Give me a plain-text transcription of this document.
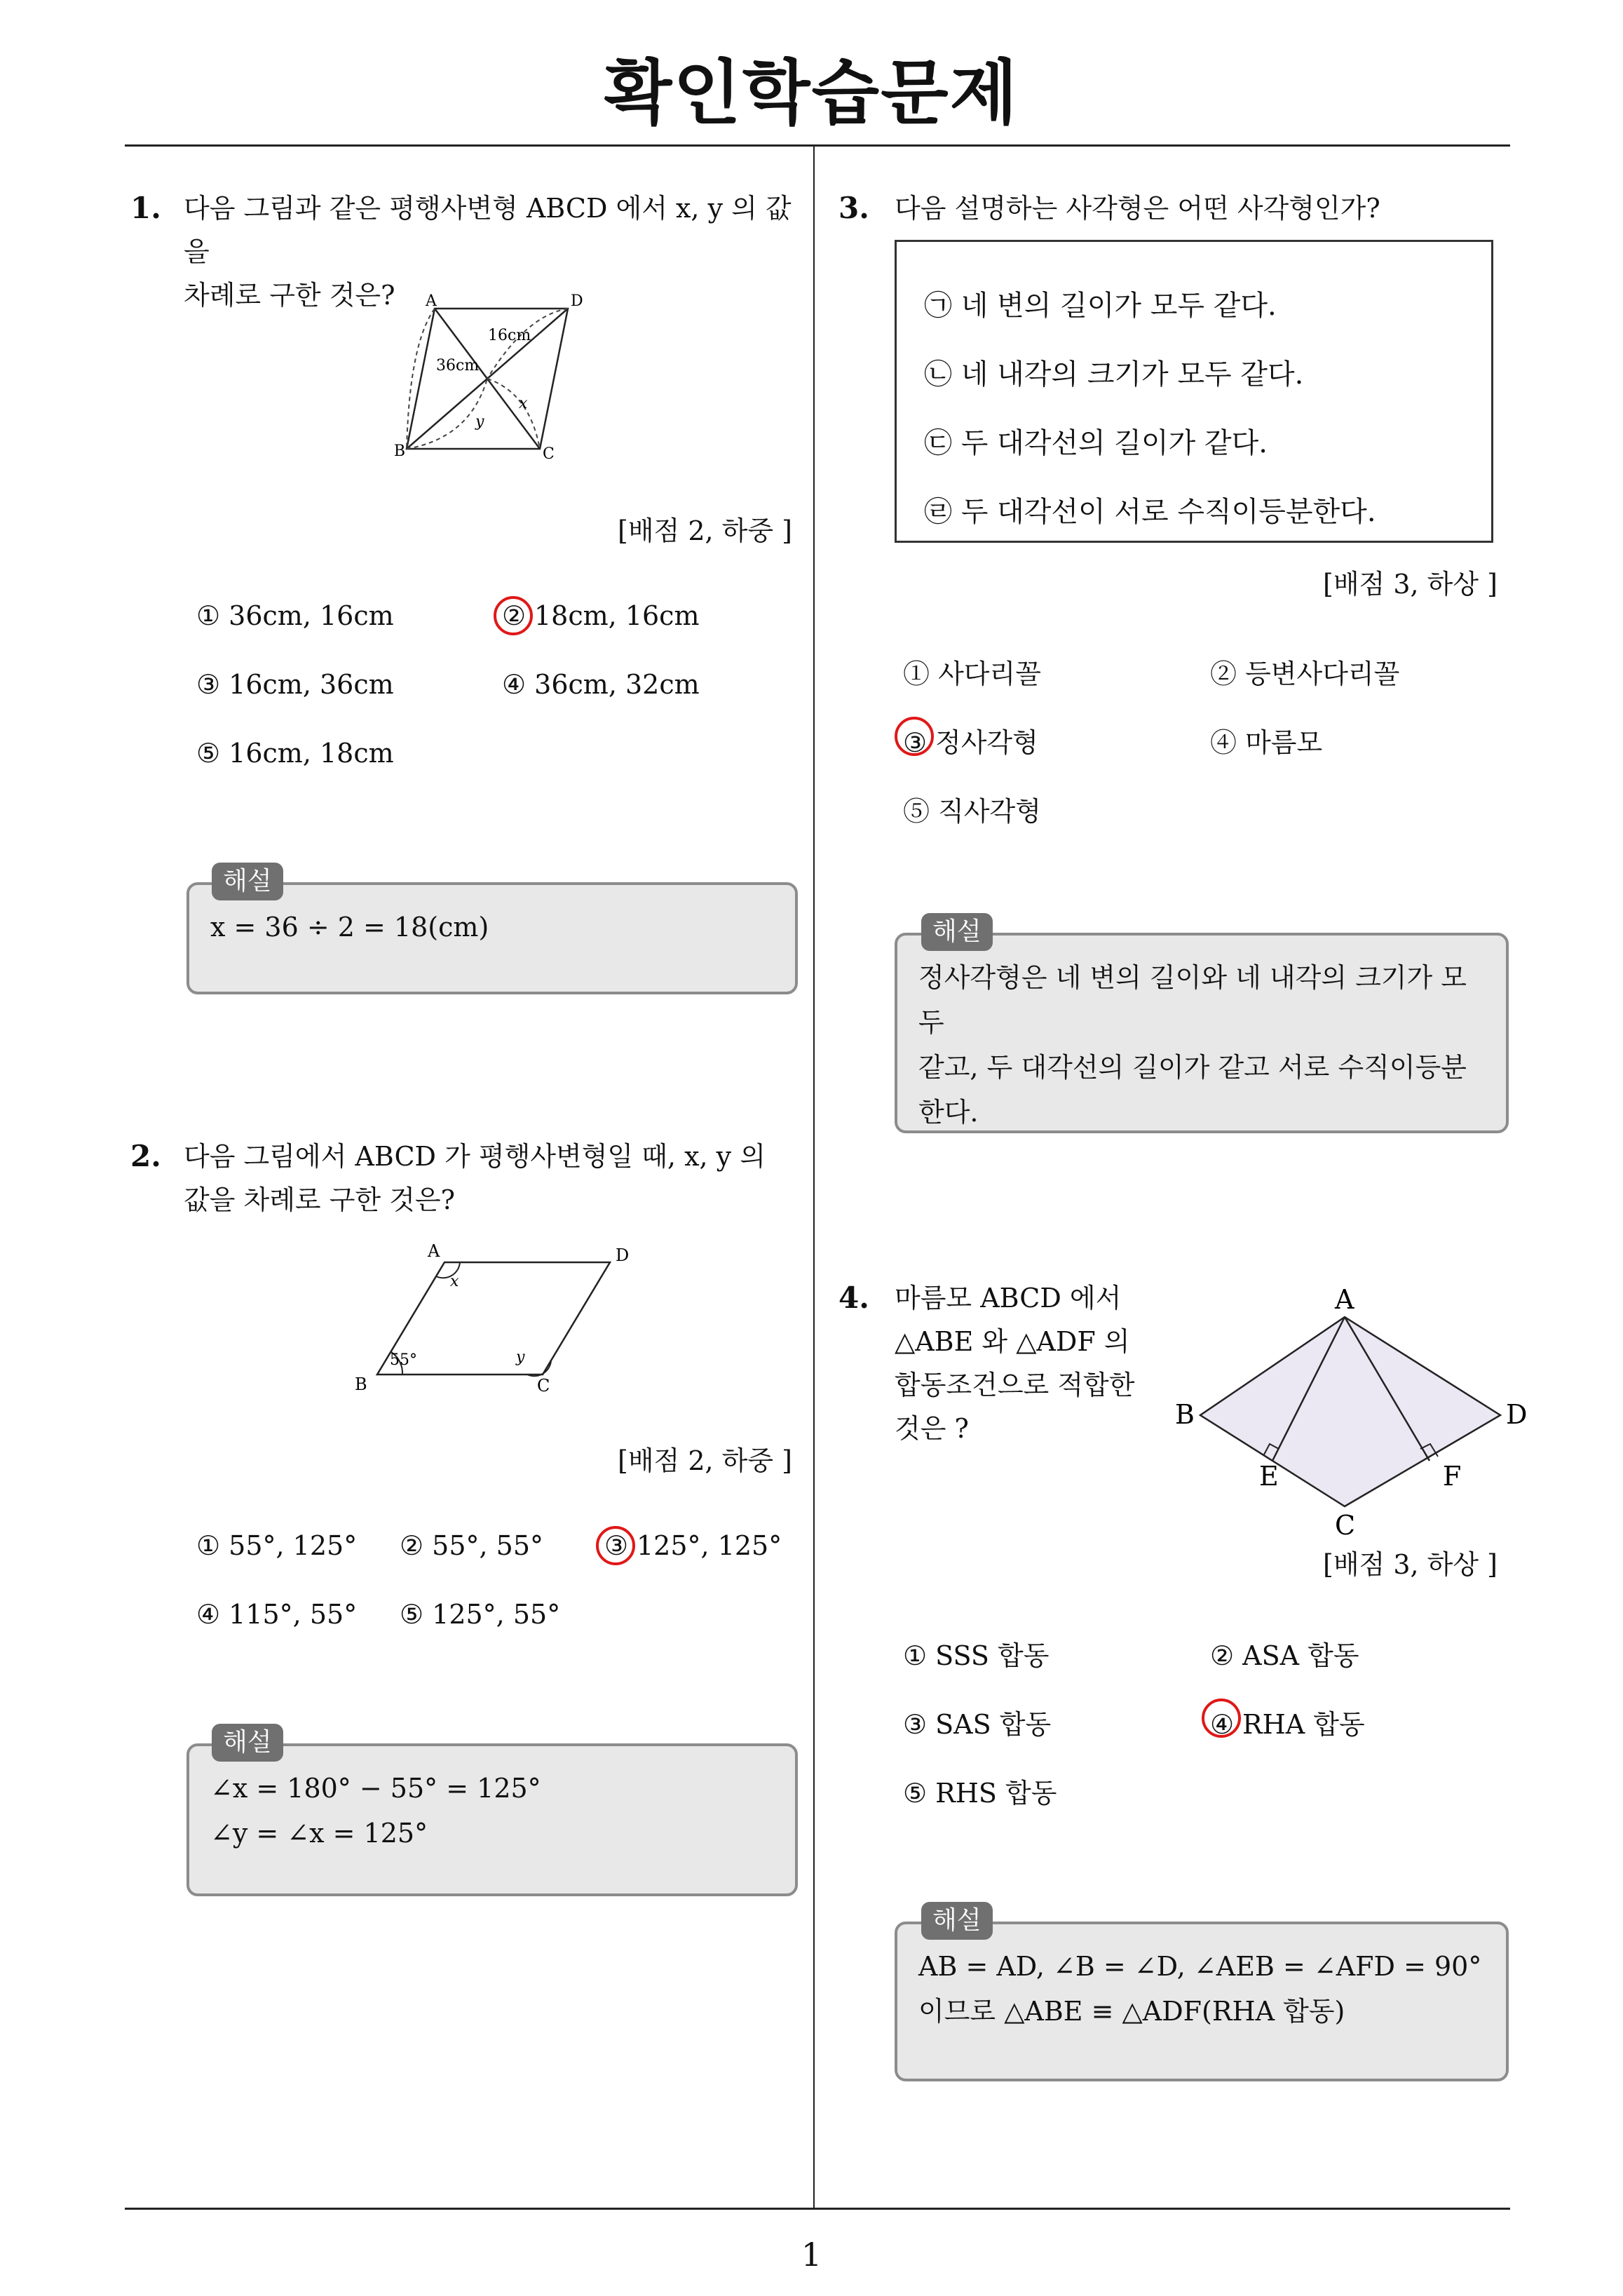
확인학습문제
1
1. 다음 그림과 같은 평행사변형 ABCD 에서 x, y 의 값을
차례로 구한 것은?	A	D
B	C
16cm
36cm
x
y
[배점 2, 하중 ]
① 36cm, 16cm	② 18cm, 16cm
③ 16cm, 36cm	④ 36cm, 32cm
⑤ 16cm, 18cm
x = 36 ÷ 2 = 18(cm)
해설
2. 다음 그림에서 ABCD 가 평행사변형일 때, x, y 의
값을 차례로 구한 것은?
A	D
B	C
x
y
55°
[배점 2, 하중 ]
① 55°, 125° ② 55°, 55° ③ 125°, 125°
④ 115°, 55° ⑤ 125°, 55°
∠x = 180° − 55° = 125°
∠y = ∠x = 125°
해설
3. 다음 설명하는 사각형은 어떤 사각형인가?
㉠ 네 변의 길이가 모두 같다.
㉡ 네 내각의 크기가 모두 같다.
㉢ 두 대각선의 길이가 같다.
㉣ 두 대각선이 서로 수직이등분한다.
[배점 3, 하상 ]
① 사다리꼴	② 등변사다리꼴
③ 정사각형	④ 마름모
⑤ 직사각형
정사각형은 네 변의 길이와 네 내각의 크기가 모두
같고, 두 대각선의 길이가 같고 서로 수직이등분
한다.
해설
4. 마름모 ABCD 에서
△ABE 와 △ADF 의
합동조건으로 적합한
것은 ?
A
B	D
C
E	F
[배점 3, 하상 ]
① SSS 합동	② ASA 합동
③ SAS 합동	④ RHA 합동
⑤ RHS 합동
AB = AD, ∠B = ∠D, ∠AEB = ∠AFD = 90°
이므로 △ABE ≡ △ADF(RHA 합동)
해설
